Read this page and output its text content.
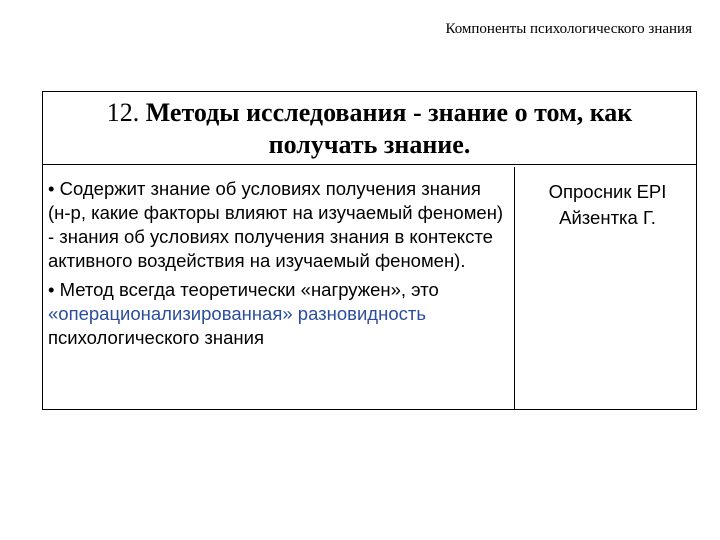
Компоненты психологического знания
12. Методы исследования - знание о том, как
получать знание.

• Содержит знание об условиях получения знания (н-р, какие факторы влияют на изучаемый феномен) - знания об условиях получения знания в контексте активного воздействия на изучаемый феномен).

• Метод всегда теоретически «нагружен», это «операционализированная» разновидность психологического знания

Опросник EPI
Айзентка Г.
